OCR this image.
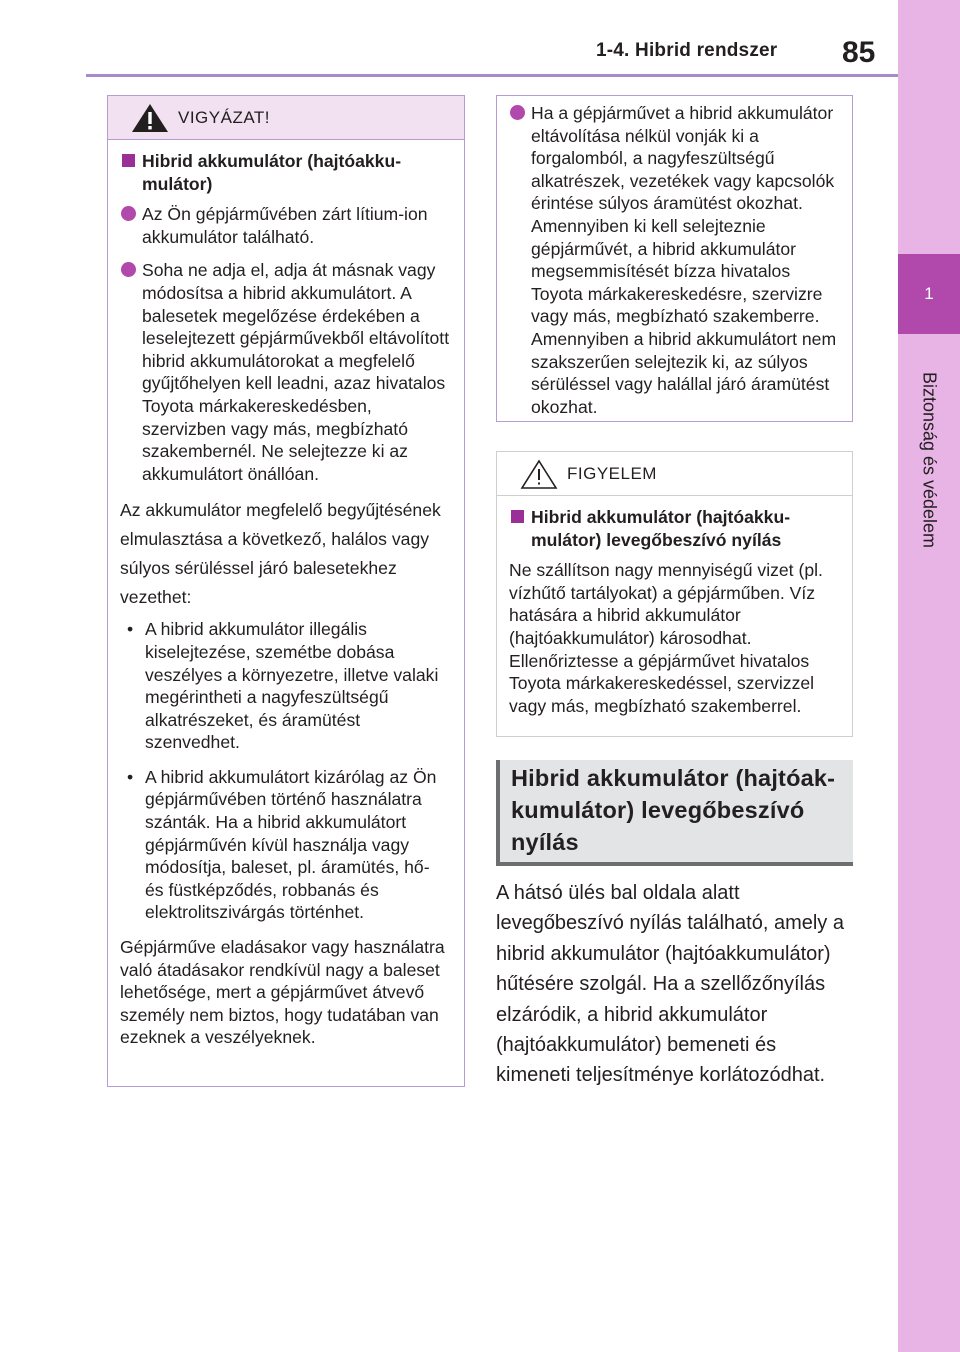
1-4. Hibrid rendszer 85
1
Biztonság és védelem
VIGYÁZAT!
Hibrid akkumulátor (hajtóakku-mulátor)
Az Ön gépjárművében zárt lítium-ion akkumulátor található.
Soha ne adja el, adja át másnak vagy módosítsa a hibrid akkumulátort. A balesetek megelőzése érdekében a leselejtezett gépjárművekből eltávolított hibrid akkumulátorokat a megfelelő gyűjtőhelyen kell leadni, azaz hivatalos Toyota márkakereskedésben, szervizben vagy más, megbízható szakembernél. Ne selejtezze ki az akkumulátort önállóan.
Az akkumulátor megfelelő begyűjtésének elmulasztása a következő, halálos vagy súlyos sérüléssel járó balesetekhez vezethet:
• A hibrid akkumulátor illegális kiselejtezése, szemétbe dobása veszélyes a környezetre, illetve valaki megérintheti a nagyfeszültségű alkatrészeket, és áramütést szenvedhet.
• A hibrid akkumulátort kizárólag az Ön gépjárművében történő használatra szánták. Ha a hibrid akkumulátort gépjárművén kívül használja vagy módosítja, baleset, pl. áramütés, hő- és füstképződés, robbanás és elektrolitszivárgás történhet.
Gépjárműve eladásakor vagy használatra való átadásakor rendkívül nagy a baleset lehetősége, mert a gépjárművet átvevő személy nem biztos, hogy tudatában van ezeknek a veszélyeknek.
Ha a gépjárművet a hibrid akkumulátor eltávolítása nélkül vonják ki a forgalomból, a nagyfeszültségű alkatrészek, vezetékek vagy kapcsolók érintése súlyos áramütést okozhat. Amennyiben ki kell selejteznie gépjárművét, a hibrid akkumulátor megsemmisítését bízza hivatalos Toyota márkakereskedésre, szervizre vagy más, megbízható szakemberre. Amennyiben a hibrid akkumulátort nem szakszerűen selejtezik ki, az súlyos sérüléssel vagy halállal járó áramütést okozhat.
FIGYELEM
Hibrid akkumulátor (hajtóakku-mulátor) levegőbeszívó nyílás
Ne szállítson nagy mennyiségű vizet (pl. vízhűtő tartályokat) a gépjárműben. Víz hatására a hibrid akkumulátor (hajtóakkumulátor) károsodhat. Ellenőriztesse a gépjárművet hivatalos Toyota márkakereskedéssel, szervizzel vagy más, megbízható szakemberrel.
Hibrid akkumulátor (hajtóak-
kumulátor) levegőbeszívó
nyílás
A hátsó ülés bal oldala alatt levegőbeszívó nyílás található, amely a hibrid akkumulátor (hajtóakkumulátor) hűtésére szolgál. Ha a szellőzőnyílás elzáródik, a hibrid akkumulátor (hajtóakkumulátor) bemeneti és kimeneti teljesítménye korlátozódhat.
